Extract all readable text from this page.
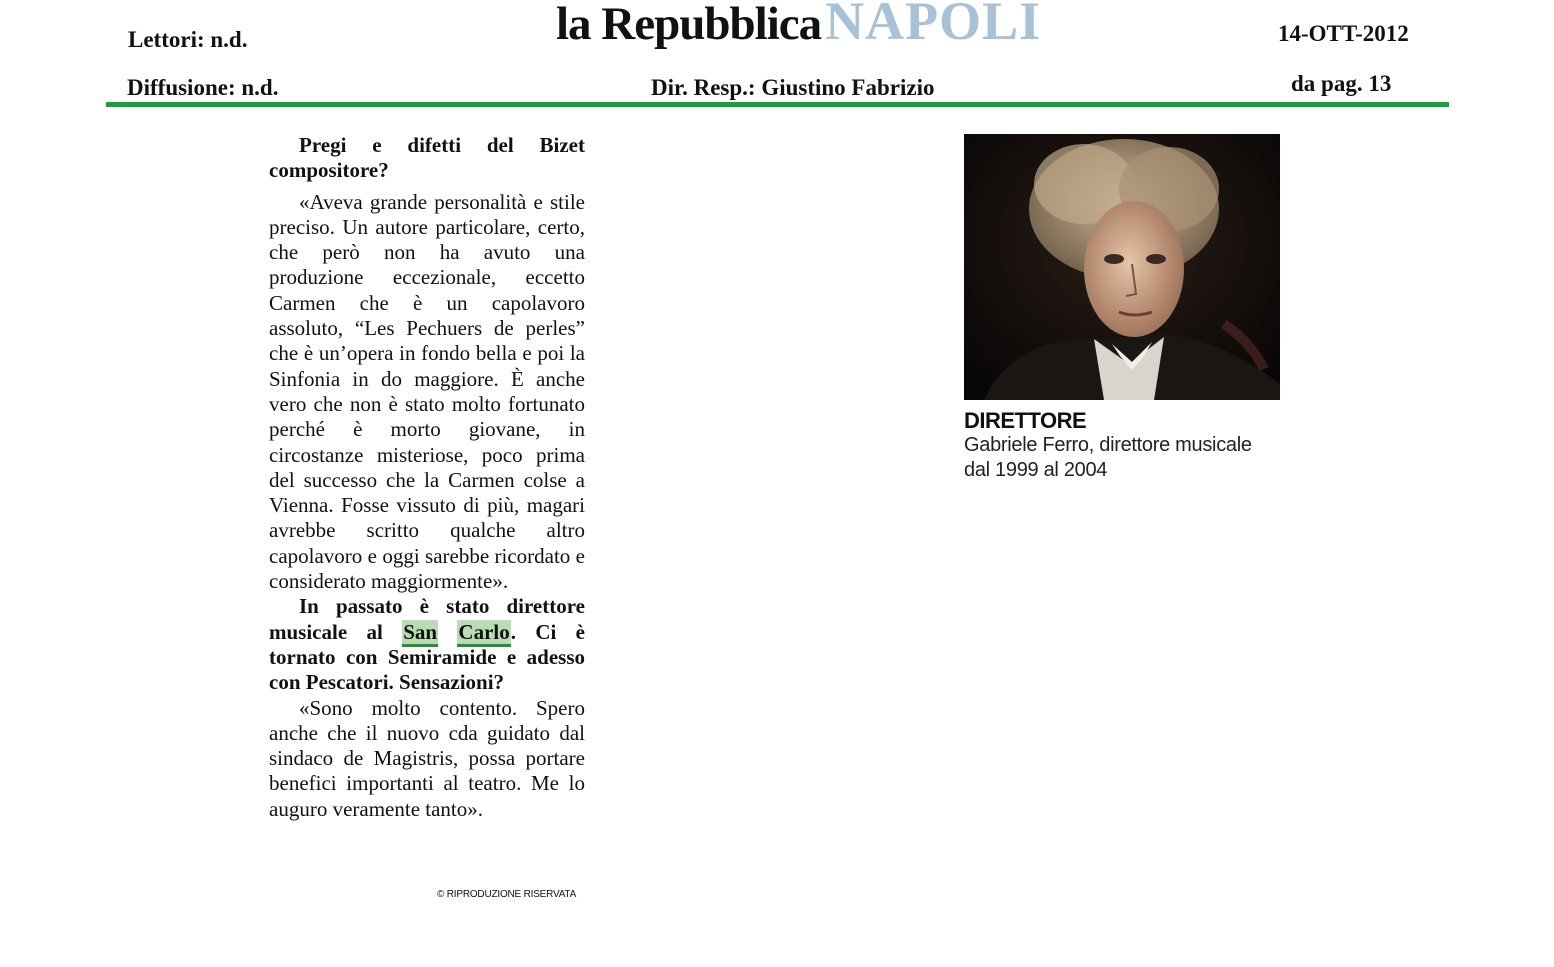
Lettori: n.d.
Diffusione: n.d.
la RepubblicaNAPOLI
Dir. Resp.: Giustino Fabrizio
14-OTT-2012
da pag. 13

Pregi e difetti del Bizet compositore?

«Aveva grande personalità e stile preciso. Un autore particolare, certo, che però non ha avuto una produzione eccezionale, eccetto Carmen che è un capolavoro assoluto, “Les Pechuers de perles” che è un’opera in fondo bella e poi la Sinfonia in do maggiore. È anche vero che non è stato molto fortunato perché è morto giovane, in circostanze misteriose, poco prima del successo che la Carmen colse a Vienna. Fosse vissuto di più, magari avrebbe scritto qualche altro capolavoro e oggi sarebbe ricordato e considerato maggiormente».

In passato è stato direttore musicale al San Carlo. Ci è tornato con Semiramide e adesso con Pescatori. Sensazioni?

«Sono molto contento. Spero anche che il nuovo cda guidato dal sindaco de Magistris, possa portare benefici importanti al teatro. Me lo auguro veramente tanto».

© RIPRODUZIONE RISERVATA
DIRETTORE
Gabriele Ferro, direttore musicale dal 1999 al 2004
